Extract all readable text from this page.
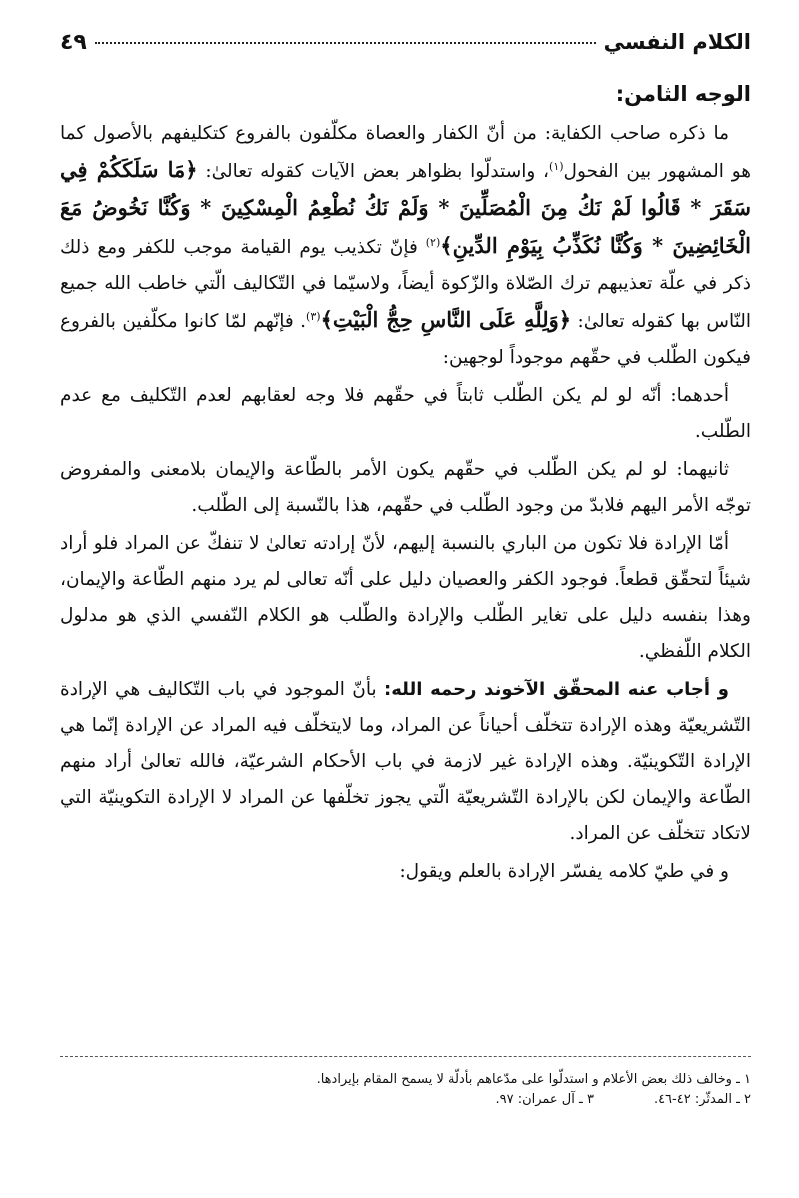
الكلام النفسي
٤٩
الوجه الثامن:

ما ذكره صاحب الكفاية: من أنّ الكفار والعصاة مكلّفون بالفروع كتكليفهم بالأصول كما هو المشهور بين الفحول$^{(١)}$، واستدلّوا بظواهر بعض الآيات كقوله تعالىٰ: ﴿مَا سَلَكَكُمْ فِي سَقَرَ * قَالُوا لَمْ نَكُ مِنَ الْمُصَلِّينَ * وَلَمْ نَكُ نُطْعِمُ الْمِسْكِينَ * وَكُنَّا نَخُوضُ مَعَ الْخَائِضِينَ * وَكُنَّا نُكَذِّبُ بِيَوْمِ الدِّينِ﴾$^{(٢)}$ فإنّ تكذيب يوم القيامة موجب للكفر ومع ذلك ذكر في علّة تعذيبهم ترك الصّلاة والزّكوة أيضاً، ولاسيّما في التّكاليف الّتي خاطب الله جميع النّاس بها كقوله تعالىٰ: ﴿وَلِلَّهِ عَلَى النَّاسِ حِجُّ الْبَيْتِ﴾$^{(٣)}$. فإنّهم لمّا كانوا مكلّفين بالفروع فيكون الطّلب في حقّهم موجوداً لوجهين:

أحدهما: أنّه لو لم يكن الطّلب ثابتاً في حقّهم فلا وجه لعقابهم لعدم التّكليف مع عدم الطّلب.

ثانيهما: لو لم يكن الطّلب في حقّهم يكون الأمر بالطّاعة والإيمان بلامعنى والمفروض توجّه الأمر اليهم فلابدّ من وجود الطّلب في حقّهم، هذا بالنّسبة إلى الطّلب.

أمّا الإرادة فلا تكون من الباري بالنسبة إليهم، لأنّ إرادته تعالىٰ لا تنفكّ عن المراد فلو أراد شيئاً لتحقّق قطعاً. فوجود الكفر والعصيان دليل على أنّه تعالى لم يرد منهم الطّاعة والإيمان، وهذا بنفسه دليل على تغاير الطّلب والإرادة والطّلب هو الكلام النّفسي الذي هو مدلول الكلام اللّفظي.

و أجاب عنه المحقّق الآخوند رحمه الله: بأنّ الموجود في باب التّكاليف هي الإرادة التّشريعيّة وهذه الإرادة تتخلّف أحياناً عن المراد، وما لايتخلّف فيه المراد عن الإرادة إنّما هي الإرادة التّكوينيّة. وهذه الإرادة غير لازمة في باب الأحكام الشرعيّة، فالله تعالىٰ أراد منهم الطّاعة والإيمان لكن بالإرادة التّشريعيّة الّتي يجوز تخلّفها عن المراد لا الإرادة التكوينيّة التي لاتكاد تتخلّف عن المراد.

و في طيّ كلامه يفسّر الإرادة بالعلم ويقول:

١ ـ وخالف ذلك بعض الأعلام و استدلّوا على مدّعاهم بأدلّة لا يسمح المقام بإيرادها.
٢ ـ المدثّر: ٤٢-٤٦.
٣ ـ آل عمران: ٩٧.
